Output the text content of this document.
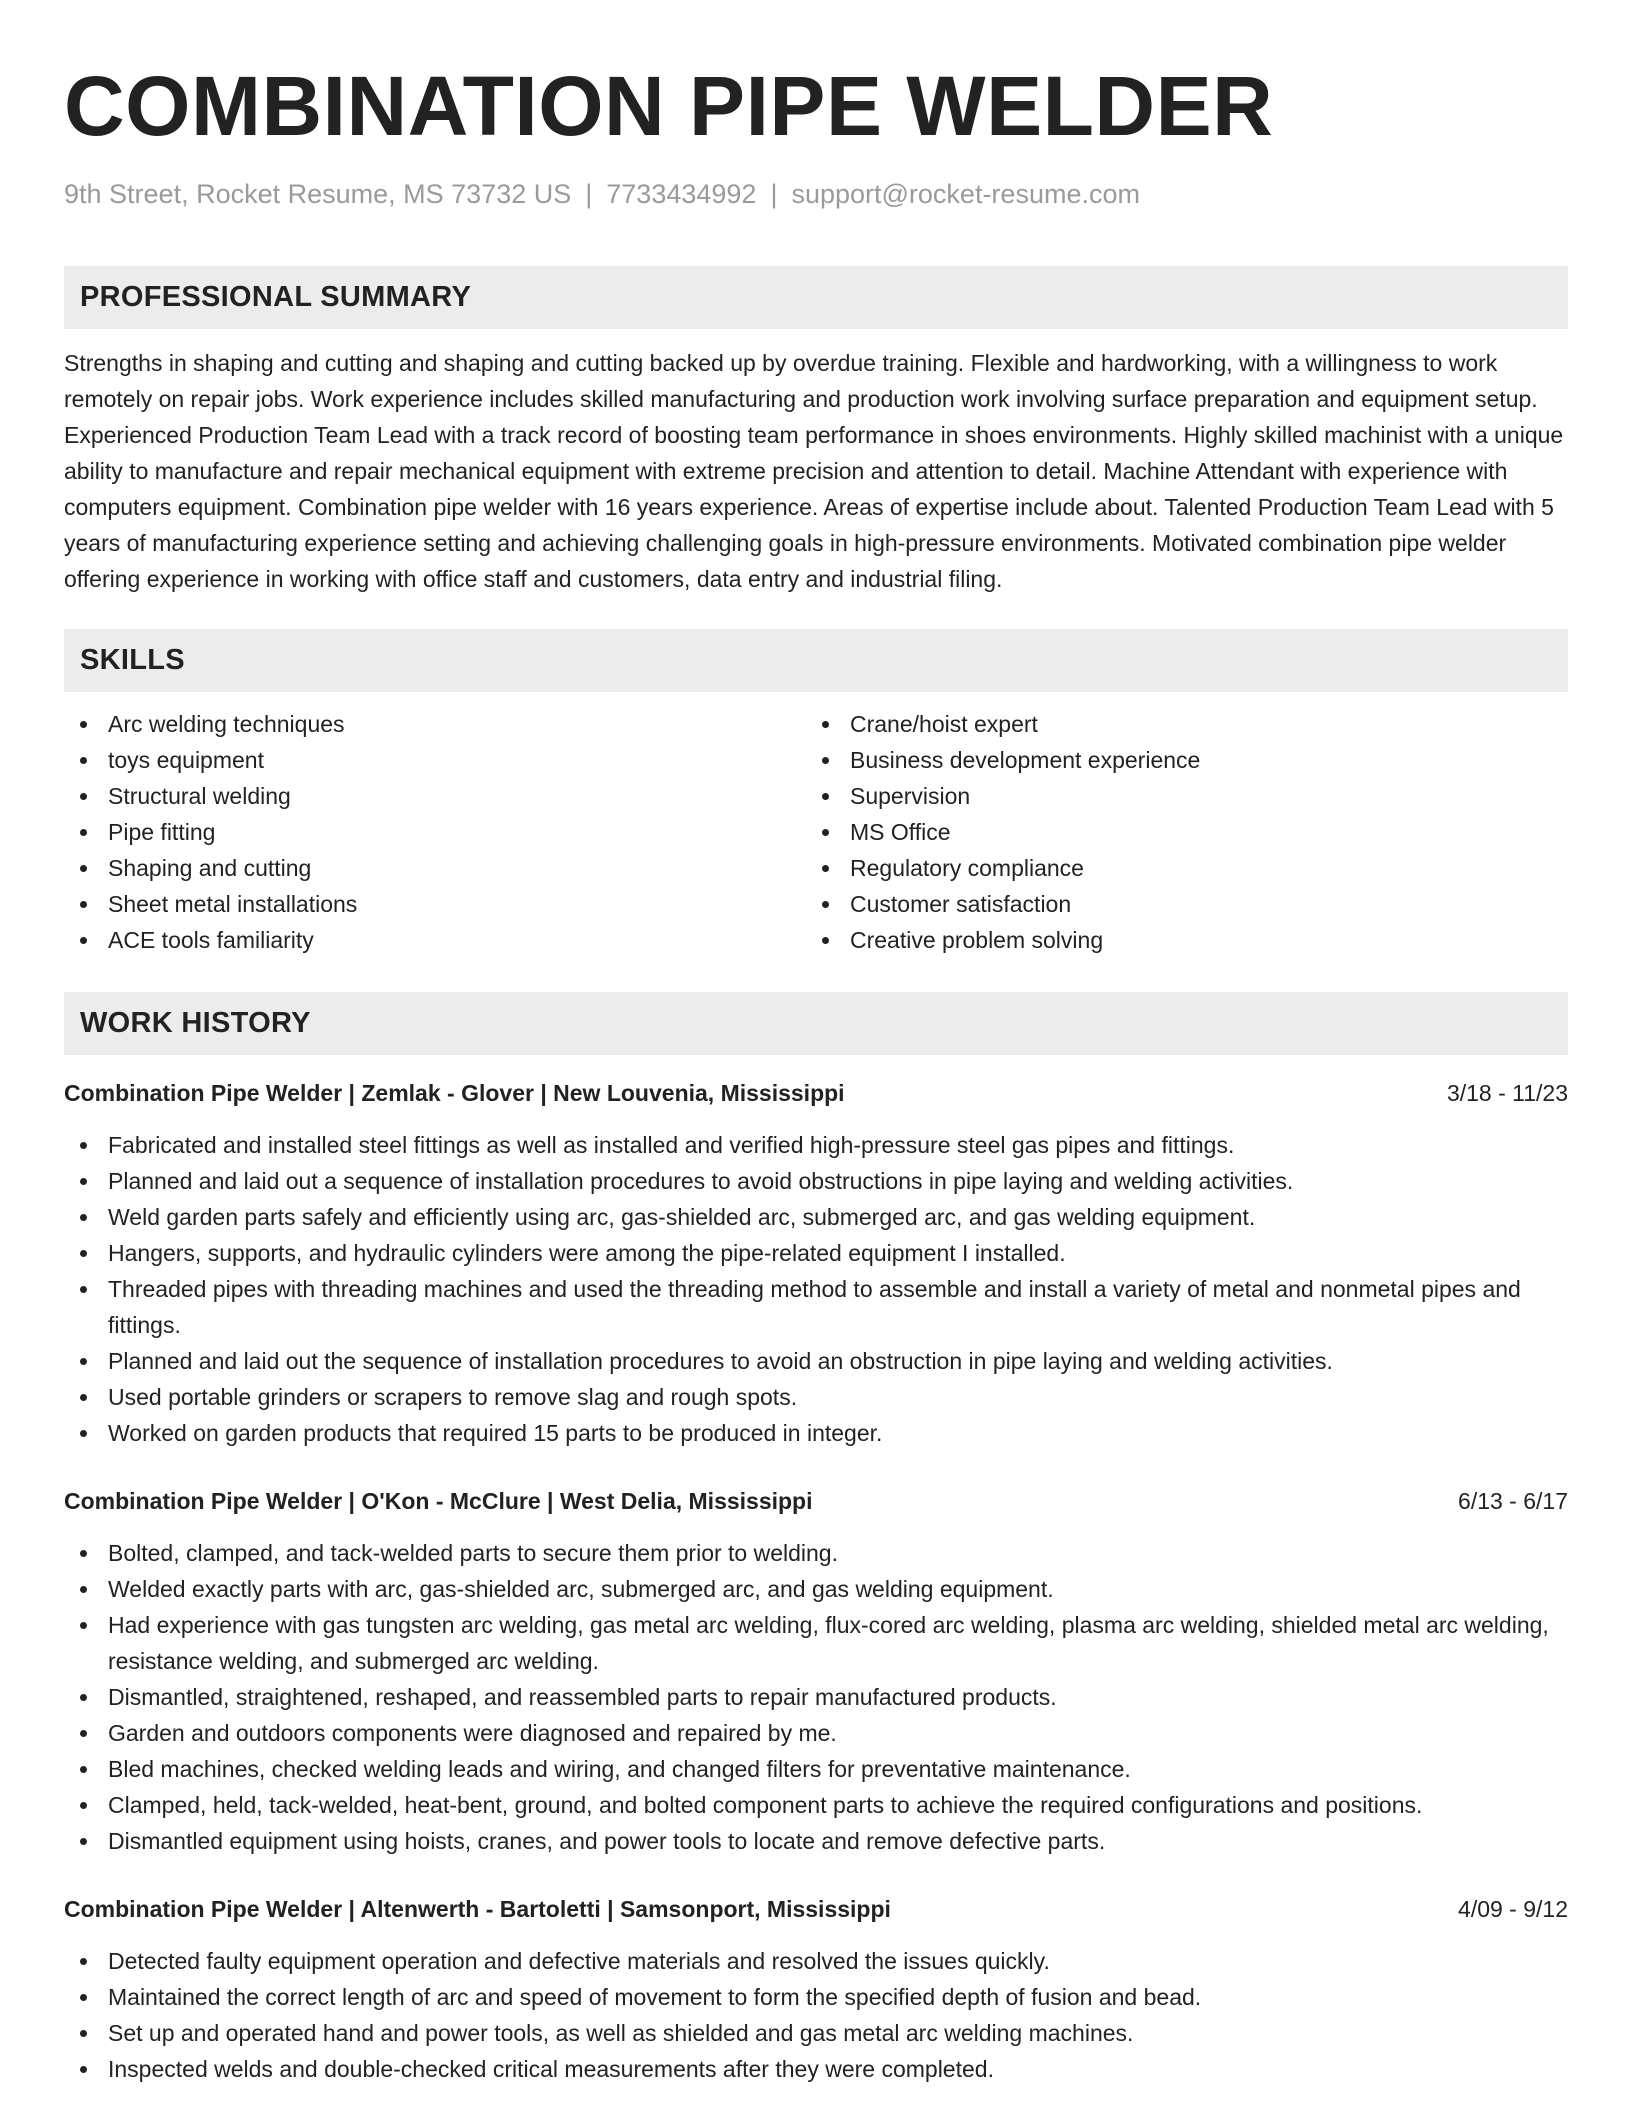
COMBINATION PIPE WELDER
9th Street, Rocket Resume, MS 73732 US | 7733434992 | support@rocket-resume.com
PROFESSIONAL SUMMARY

Strengths in shaping and cutting and shaping and cutting backed up by overdue training. Flexible and hardworking, with a willingness to work remotely on repair jobs. Work experience includes skilled manufacturing and production work involving surface preparation and equipment setup. Experienced Production Team Lead with a track record of boosting team performance in shoes environments. Highly skilled machinist with a unique ability to manufacture and repair mechanical equipment with extreme precision and attention to detail. Machine Attendant with experience with computers equipment. Combination pipe welder with 16 years experience. Areas of expertise include about. Talented Production Team Lead with 5 years of manufacturing experience setting and achieving challenging goals in high-pressure environments. Motivated combination pipe welder offering experience in working with office staff and customers, data entry and industrial filing.

SKILLS
Arc welding techniques
toys equipment
Structural welding
Pipe fitting
Shaping and cutting
Sheet metal installations
ACE tools familiarity
Crane/hoist expert
Business development experience
Supervision
MS Office
Regulatory compliance
Customer satisfaction
Creative problem solving
WORK HISTORY
Combination Pipe Welder | Zemlak - Glover | New Louvenia, Mississippi	3/18 - 11/23
Fabricated and installed steel fittings as well as installed and verified high-pressure steel gas pipes and fittings.
Planned and laid out a sequence of installation procedures to avoid obstructions in pipe laying and welding activities.
Weld garden parts safely and efficiently using arc, gas-shielded arc, submerged arc, and gas welding equipment.
Hangers, supports, and hydraulic cylinders were among the pipe-related equipment I installed.
Threaded pipes with threading machines and used the threading method to assemble and install a variety of metal and nonmetal pipes and fittings.
Planned and laid out the sequence of installation procedures to avoid an obstruction in pipe laying and welding activities.
Used portable grinders or scrapers to remove slag and rough spots.
Worked on garden products that required 15 parts to be produced in integer.
Combination Pipe Welder | O'Kon - McClure | West Delia, Mississippi	6/13 - 6/17
Bolted, clamped, and tack-welded parts to secure them prior to welding.
Welded exactly parts with arc, gas-shielded arc, submerged arc, and gas welding equipment.
Had experience with gas tungsten arc welding, gas metal arc welding, flux-cored arc welding, plasma arc welding, shielded metal arc welding, resistance welding, and submerged arc welding.
Dismantled, straightened, reshaped, and reassembled parts to repair manufactured products.
Garden and outdoors components were diagnosed and repaired by me.
Bled machines, checked welding leads and wiring, and changed filters for preventative maintenance.
Clamped, held, tack-welded, heat-bent, ground, and bolted component parts to achieve the required configurations and positions.
Dismantled equipment using hoists, cranes, and power tools to locate and remove defective parts.
Combination Pipe Welder | Altenwerth - Bartoletti | Samsonport, Mississippi	4/09 - 9/12
Detected faulty equipment operation and defective materials and resolved the issues quickly.
Maintained the correct length of arc and speed of movement to form the specified depth of fusion and bead.
Set up and operated hand and power tools, as well as shielded and gas metal arc welding machines.
Inspected welds and double-checked critical measurements after they were completed.
